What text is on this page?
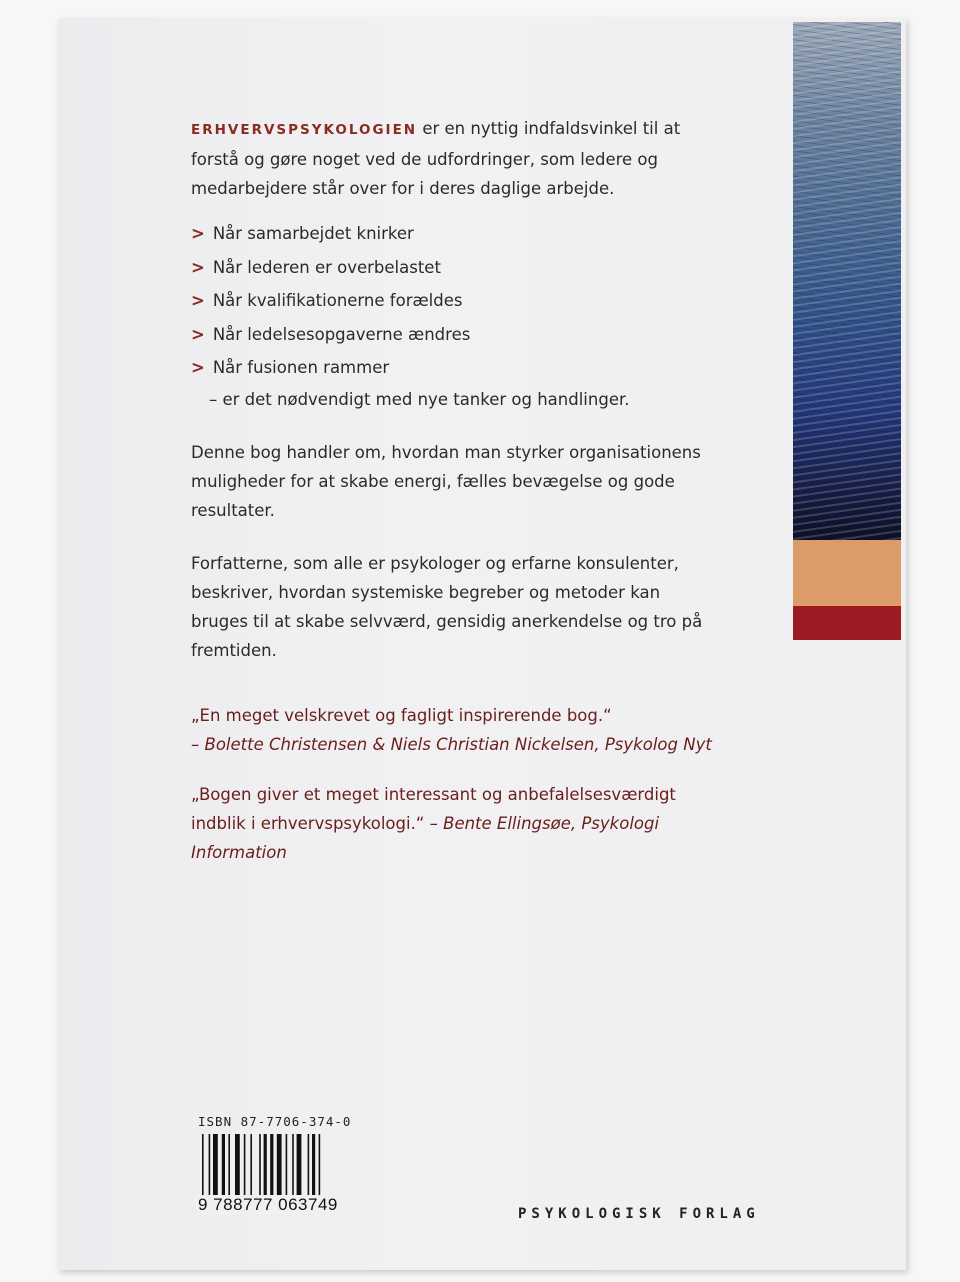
ERHVERVSPSYKOLOGIEN er en nyttig indfaldsvinkel til at forstå og gøre noget ved de udfordringer, som ledere og medarbejdere står over for i deres daglige arbejde.

> Når samarbejdet knirker
> Når lederen er overbelastet
> Når kvalifikationerne forældes
> Når ledelsesopgaverne ændres
> Når fusionen rammer

– er det nødvendigt med nye tanker og handlinger.

Denne bog handler om, hvordan man styrker organisationens muligheder for at skabe energi, fælles bevægelse og gode resultater.

Forfatterne, som alle er psykologer og erfarne konsulenter, beskriver, hvordan systemiske begreber og metoder kan bruges til at skabe selvværd, gensidig anerkendelse og tro på fremtiden.

„En meget velskrevet og fagligt inspirerende bog.“
– Bolette Christensen & Niels Christian Nickelsen, Psykolog Nyt

„Bogen giver et meget interessant og anbefalelsesværdigt indblik i erhvervspsykologi.“ – Bente Ellingsøe, Psykologi Information

ISBN 87-7706-374-0
9 788777 063749	PSYKOLOGISK FORLAG
